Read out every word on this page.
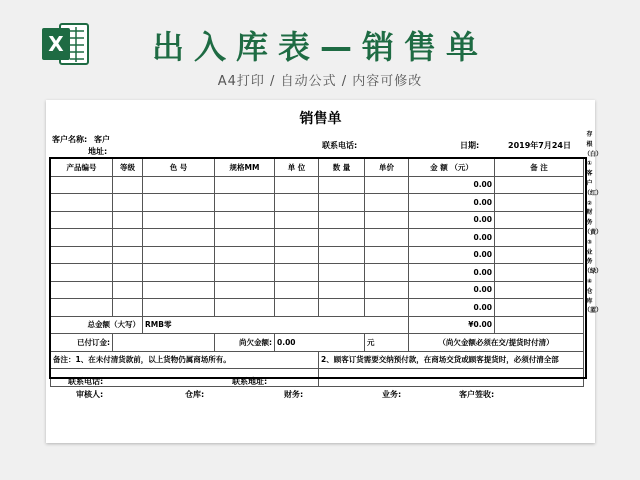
X	出入库表—销售单
A4打印 / 自动公式 / 内容可修改
销售单
客户名称: 客户
地址:
联系电话:	日期:	2019年7月24日
产品编号	等级	色 号	规格MM	单 位	数 量	单价	金 额 （元）	备 注
							0.00	
							0.00	
							0.00	
							0.00	
							0.00	
							0.00	
							0.00	
							0.00	
总金额（大写）		RMB零					¥0.00	
已付订金:			尚欠金额:	0.00		元	（尚欠金额必须在交/提货时付清）	
备注：1、在未付清货款前，以上货物仍属商场所有。					2、顾客订货需要交纳预付款，在商场交货或顾客提货时，必须付清全部			

联系电话:	联系地址:
审核人:	仓库:	财务:	业务:	客户签收:
存根（白）①客户（红）②财务（黄）③业务（绿）④仓库（蓝）
